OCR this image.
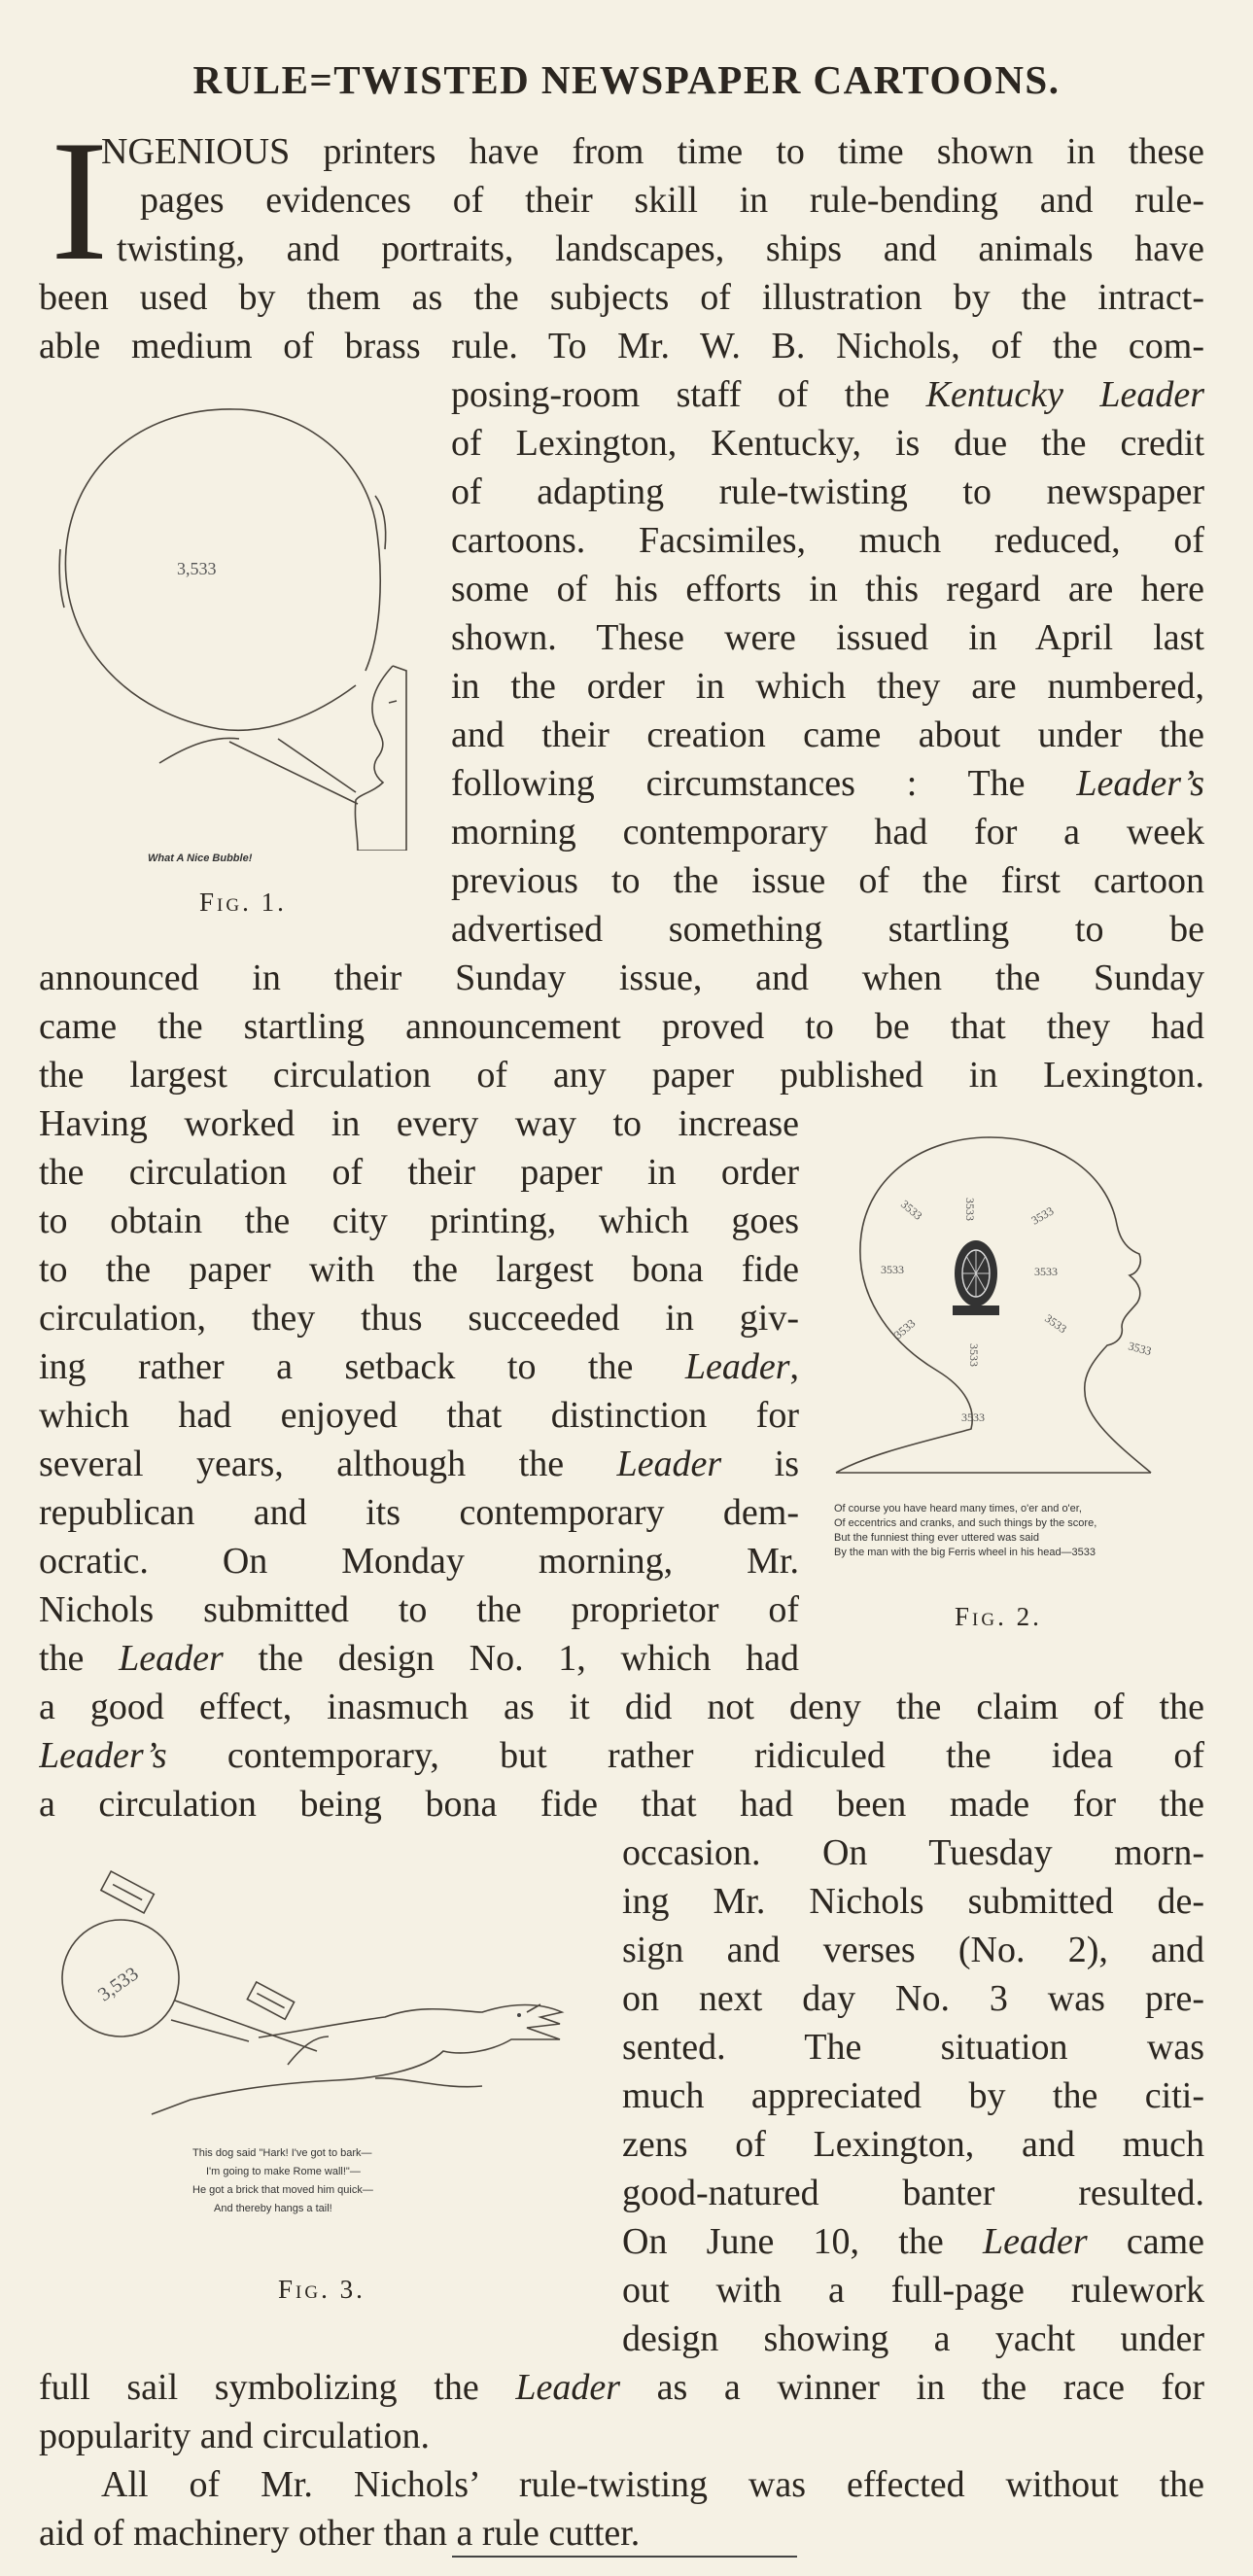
RULE=TWISTED NEWSPAPER CARTOONS.
I
NGENIOUS printers have from time to time shown in these
pages evidences of their skill in rule-bending and rule-
twisting, and portraits, landscapes, ships and animals have
been used by them as the subjects of illustration by the intract-
able medium of brass rule. To Mr. W. B. Nichols, of the com-
posing-room staff of the Kentucky Leader
of Lexington, Kentucky, is due the credit
of adapting rule-twisting to newspaper
cartoons. Facsimiles, much reduced, of
some of his efforts in this regard are here
shown. These were issued in April last
in the order in which they are numbered,
and their creation came about under the
following circumstances : The Leader’s
morning contemporary had for a week
previous to the issue of the first cartoon
advertised something startling to be
announced in their Sunday issue, and when the Sunday
came the startling announcement proved to be that they had
the largest circulation of any paper published in Lexington.
Having worked in every way to increase
the circulation of their paper in order
to obtain the city printing, which goes
to the paper with the largest bona fide
circulation, they thus succeeded in giv-
ing rather a setback to the Leader,
which had enjoyed that distinction for
several years, although the Leader is
republican and its contemporary dem-
ocratic. On Monday morning, Mr.
Nichols submitted to the proprietor of
the Leader the design No. 1, which had
a good effect, inasmuch as it did not deny the claim of the
Leader’s contemporary, but rather ridiculed the idea of
a circulation being bona fide that had been made for the
occasion. On Tuesday morn-
ing Mr. Nichols submitted de-
sign and verses (No. 2), and
on next day No. 3 was pre-
sented. The situation was
much appreciated by the citi-
zens of Lexington, and much
good-natured banter resulted.
On June 10, the Leader came
out with a full-page rulework
design showing a yacht under
full sail symbolizing the Leader as a winner in the race for
popularity and circulation.
All of Mr. Nichols’ rule-twisting was effected without the
aid of machinery other than a rule cutter.
3,533
What A Nice Bubble!
Fig. 1.
3533
3533	3533
3533	3533
3533	3533
3533
3533
3533
Of course you have heard many times, o'er and o'er,
Of eccentrics and cranks, and such things by the score,
But the funniest thing ever uttered was said
By the man with the big Ferris wheel in his head—3533
Fig. 2.
3,533
This dog said "Hark! I've got to bark—
I'm going to make Rome wall!"—
He got a brick that moved him quick—
And thereby hangs a tail!
Fig. 3.
